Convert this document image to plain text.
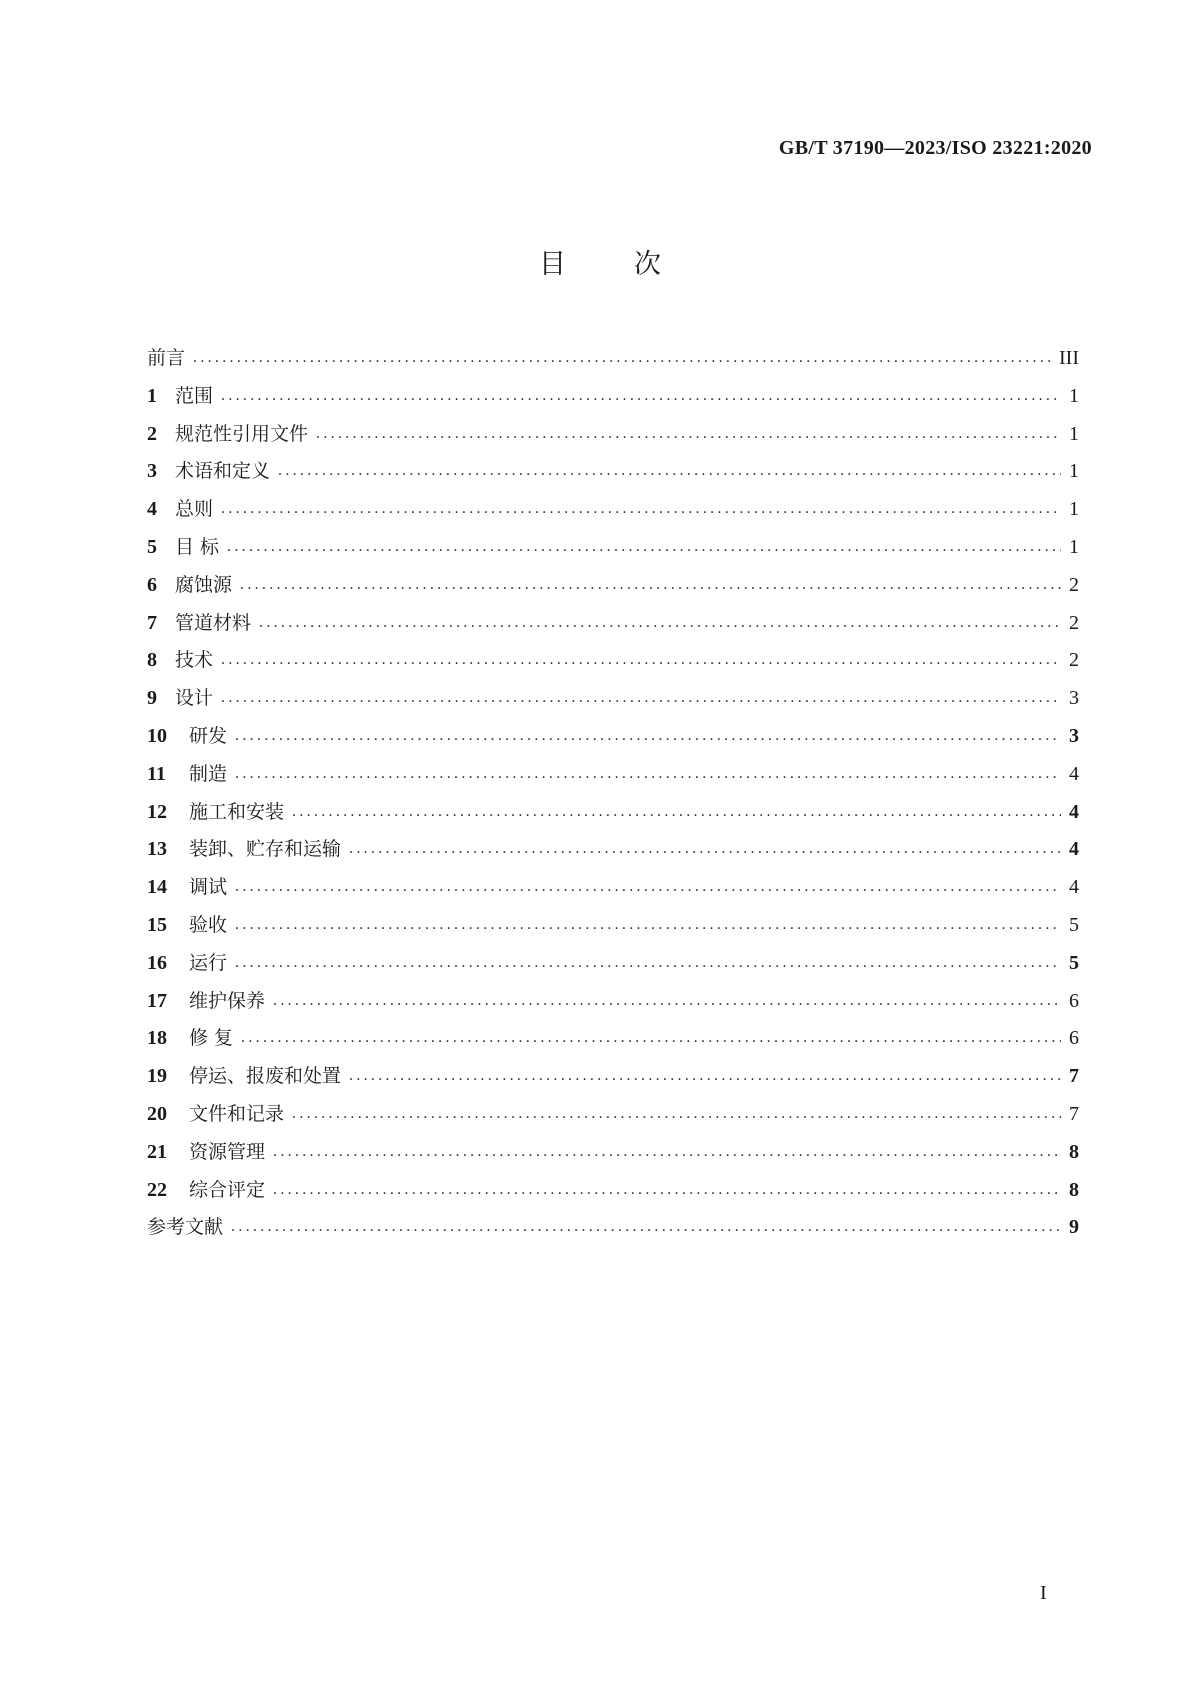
GB/T 37190—2023/ISO 23221:2020
目	次
前言 .....	III
1 范围 .....	1
2 规范性引用文件 .....	1
3 术语和定义 .....	1
4 总则 .....	1
5 目 标 .....	1
6 腐蚀源 .....	2
7 管道材料 .....	2
8 技术 .....	2
9 设计 .....	3
10	研发 .....	3
11	制造 .....	4
12	施工和安装 .....	4
13	装卸、贮存和运输 .....	4
14	调试 .....	4
15	验收 .....	5
16	运行 .....	5
17	维护保养 .....	6
18	修 复 .....	6
19	停运、报废和处置 .....	7
20	文件和记录 .....	7
21	资源管理 .....	8
22	综合评定 .....	8
参考文献 .....	9
I
